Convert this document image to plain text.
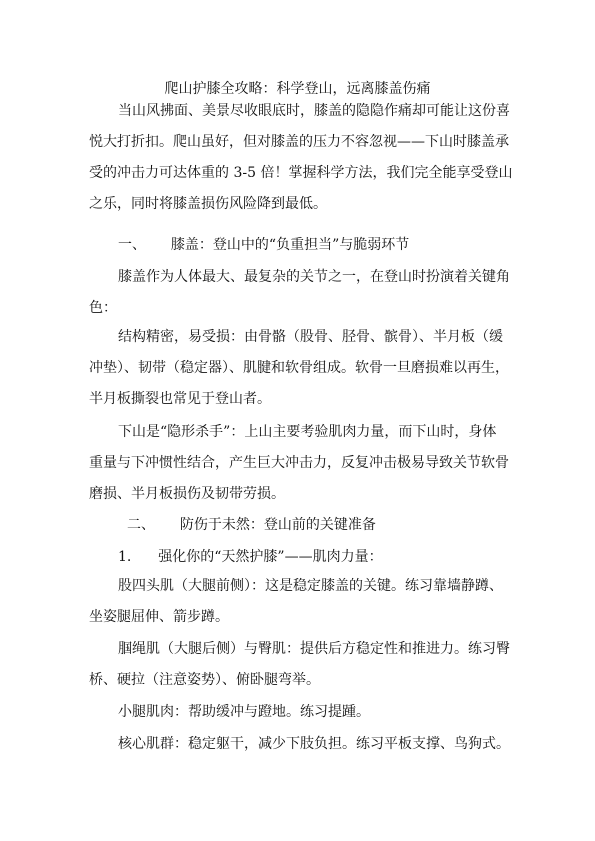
爬山护膝全攻略：科学登山，远离膝盖伤痛
当山风拂面、美景尽收眼底时，膝盖的隐隐作痛却可能让这份喜
悦大打折扣。爬山虽好，但对膝盖的压力不容忽视——下山时膝盖承
受的冲击力可达体重的 3-5 倍！掌握科学方法，我们完全能享受登山
之乐，同时将膝盖损伤风险降到最低。
一、 膝盖：登山中的“负重担当”与脆弱环节
膝盖作为人体最大、最复杂的关节之一，在登山时扮演着关键角
色：
结构精密，易受损：由骨骼（股骨、胫骨、髌骨）、半月板（缓
冲垫）、韧带（稳定器）、肌腱和软骨组成。软骨一旦磨损难以再生，
半月板撕裂也常见于登山者。
下山是“隐形杀手”：上山主要考验肌肉力量，而下山时，身体
重量与下冲惯性结合，产生巨大冲击力，反复冲击极易导致关节软骨
磨损、半月板损伤及韧带劳损。
二、 防伤于未然：登山前的关键准备
1. 强化你的“天然护膝”——肌肉力量：
股四头肌（大腿前侧）：这是稳定膝盖的关键。练习靠墙静蹲、
坐姿腿屈伸、箭步蹲。
腘绳肌（大腿后侧）与臀肌：提供后方稳定性和推进力。练习臀
桥、硬拉（注意姿势）、俯卧腿弯举。
小腿肌肉：帮助缓冲与蹬地。练习提踵。
核心肌群：稳定躯干，减少下肢负担。练习平板支撑、鸟狗式。
